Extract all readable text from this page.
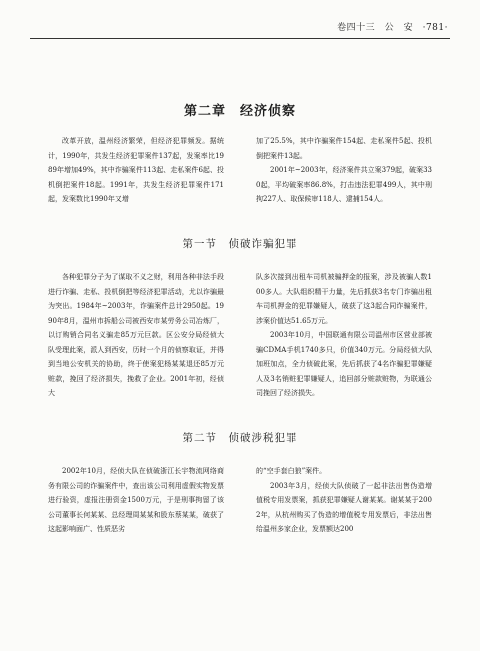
卷四十三　公　安　·781·
第二章　经济侦察

改革开放，温州经济繁荣，但经济犯罪频发。据统计，1990年，共发生经济犯罪案件137起，发案率比1989年增加49%，其中诈骗案件113起、走私案件6起、投机倒把案件18起。1991年，共发生经济犯罪案件171起，发案数比1990年又增

加了25.5%，其中诈骗案件154起、走私案件5起、投机倒把案件13起。

2001年~2003年，经济案件共立案379起，破案330起，平均破案率86.8%，打击违法犯罪499人，其中刑拘227人、取保候审118人、逮捕154人。

第一节　侦破诈骗犯罪

各种犯罪分子为了谋取不义之财，利用各种非法手段进行诈骗、走私、投机倒把等经济犯罪活动，尤以诈骗最为突出。1984年~2003年，诈骗案件总计2950起。1990年8月，温州市拆船公司被西安市某劳务公司冶炼厂，以订购销合同名义骗走85万元巨款。区公安分局经侦大队受理此案，派人到西安，历时一个月的侦察取证，并得到当地公安机关的协助，终于使案犯杨某某退还85万元赃款，挽回了经济损失，挽救了企业。2001年初，经侦大

队多次接到出租车司机被骗押金的报案，涉及被骗人数100多人。大队组织精干力量，先后抓获3名专门诈骗出租车司机押金的犯罪嫌疑人，破获了这3起合同诈骗案件，涉案价值达51.65万元。

2003年10月，中国联通有限公司温州市区营业部被骗CDMA手机1740多只，价值340万元。分局经侦大队加班加点，全力侦破此案，先后抓获了4名诈骗犯罪嫌疑人及3名销赃犯罪嫌疑人，追回部分赃款赃物，为联通公司挽回了经济损失。

第二节　侦破涉税犯罪

2002年10月，经侦大队在侦破浙江长宇物流网络商务有限公司的诈骗案件中，查出该公司利用虚假实物发票进行验资，虚报注册资金1500万元，于是刑事拘留了该公司董事长何某某、总经理周某某和股东蔡某某，破获了这起影响面广、性质恶劣

的“空手套白狼”案件。

2003年3月，经侦大队侦破了一起非法出售伪造增值税专用发票案，抓获犯罪嫌疑人谢某某。谢某某于2002年，从杭州购买了伪造的增值税专用发票后，非法出售给温州多家企业，发票额达200
